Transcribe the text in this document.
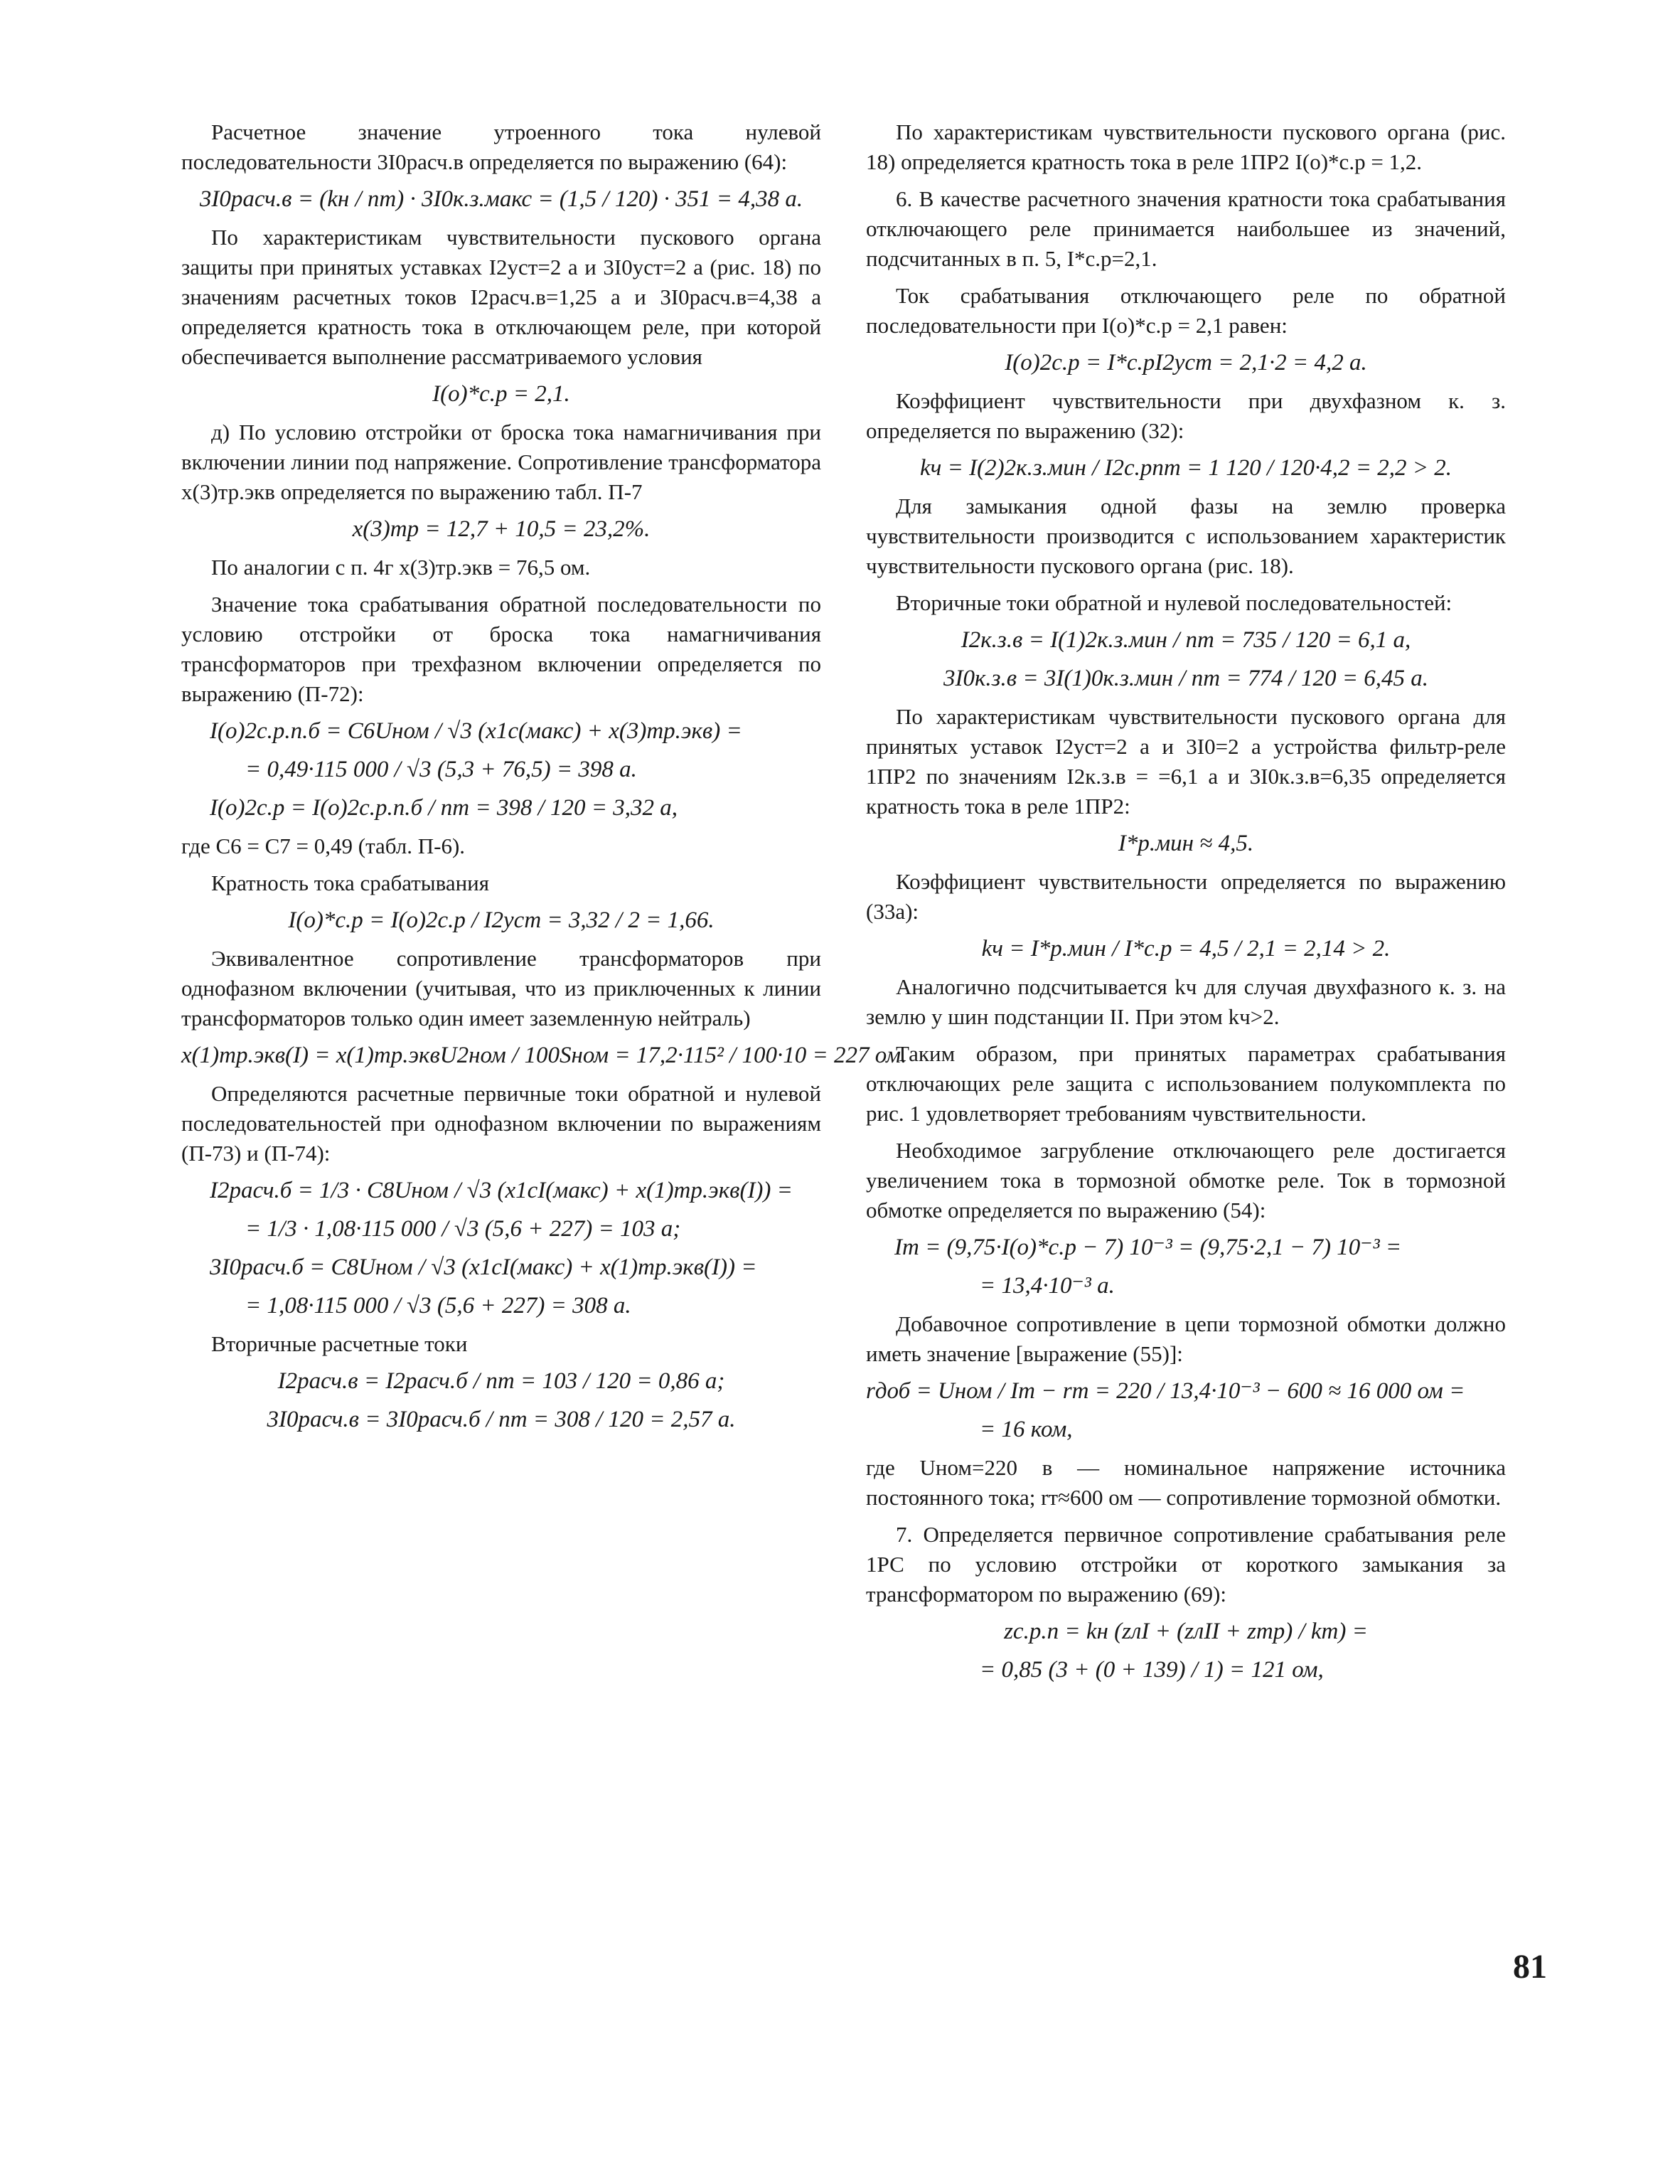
Расчетное значение утроенного тока нулевой последовательности 3I0расч.в определяется по выражению (64):

3I0расч.в = (kн / nт) · 3I0к.з.макс = (1,5 / 120) · 351 = 4,38 a.

По характеристикам чувствительности пускового органа защиты при принятых уставках I2уст=2 a и 3I0уст=2 a (рис. 18) по значениям расчетных токов I2расч.в=1,25 a и 3I0расч.в=4,38 a определяется кратность тока в отключающем реле, при которой обеспечивается выполнение рассматриваемого условия

I(о)*с.р = 2,1.

д) По условию отстройки от броска тока намагничивания при включении линии под напряжение. Сопротивление трансформатора x(3)тр.экв определяется по выражению табл. П-7

x(3)тр = 12,7 + 10,5 = 23,2%.

По аналогии с п. 4г x(3)тр.экв = 76,5 ом.

Значение тока срабатывания обратной последовательности по условию отстройки от броска тока намагничивания трансформаторов при трехфазном включении определяется по выражению (П-72):

I(о)2с.р.п.б = C6Uном / √3 (x1с(макс) + x(3)тр.экв) =
= 0,49·115 000 / √3 (5,3 + 76,5) = 398 a.
I(о)2с.р = I(о)2с.р.п.б / nт = 398 / 120 = 3,32 a,

где C6 = C7 = 0,49 (табл. П-6).

Кратность тока срабатывания

I(о)*с.р = I(о)2с.р / I2уст = 3,32 / 2 = 1,66.

Эквивалентное сопротивление трансформаторов при однофазном включении (учитывая, что из приключенных к линии трансформаторов только один имеет заземленную нейтраль)

x(1)тр.экв(I) = x(1)тр.эквU2ном / 100Sном = 17,2·115² / 100·10 = 227 ом.

Определяются расчетные первичные токи обратной и нулевой последовательностей при однофазном включении по выражениям (П-73) и (П-74):

I2расч.б = 1/3 · C8Uном / √3 (x1сI(макс) + x(1)тр.экв(I)) =
= 1/3 · 1,08·115 000 / √3 (5,6 + 227) = 103 a;
3I0расч.б = C8Uном / √3 (x1сI(макс) + x(1)тр.экв(I)) =
= 1,08·115 000 / √3 (5,6 + 227) = 308 a.

Вторичные расчетные токи

I2расч.в = I2расч.б / nт = 103 / 120 = 0,86 a;
3I0расч.в = 3I0расч.б / nт = 308 / 120 = 2,57 a.

По характеристикам чувствительности пускового органа (рис. 18) определяется кратность тока в реле 1ПР2 I(о)*с.р = 1,2.

6. В качестве расчетного значения кратности тока срабатывания отключающего реле принимается наибольшее из значений, подсчитанных в п. 5, I*с.р=2,1.

Ток срабатывания отключающего реле по обратной последовательности при I(о)*с.р = 2,1 равен:

I(о)2с.р = I*с.рI2уст = 2,1·2 = 4,2 a.

Коэффициент чувствительности при двухфазном к. з. определяется по выражению (32):

kч = I(2)2к.з.мин / I2с.рnт = 1 120 / 120·4,2 = 2,2 > 2.

Для замыкания одной фазы на землю проверка чувствительности производится с использованием характеристик чувствительности пускового органа (рис. 18).

Вторичные токи обратной и нулевой последовательностей:

I2к.з.в = I(1)2к.з.мин / nт = 735 / 120 = 6,1 a,
3I0к.з.в = 3I(1)0к.з.мин / nт = 774 / 120 = 6,45 a.

По характеристикам чувствительности пускового органа для принятых уставок I2уст=2 a и 3I0=2 a устройства фильтр-реле 1ПР2 по значениям I2к.з.в = =6,1 a и 3I0к.з.в=6,35 определяется кратность тока в реле 1ПР2:

I*р.мин ≈ 4,5.

Коэффициент чувствительности определяется по выражению (33а):

kч = I*р.мин / I*с.р = 4,5 / 2,1 = 2,14 > 2.

Аналогично подсчитывается kч для случая двухфазного к. з. на землю у шин подстанции II. При этом kч>2.

Таким образом, при принятых параметрах срабатывания отключающих реле защита с использованием полукомплекта по рис. 1 удовлетворяет требованиям чувствительности.

Необходимое загрубление отключающего реле достигается увеличением тока в тормозной обмотке реле. Ток в тормозной обмотке определяется по выражению (54):

Iт = (9,75·I(о)*с.р − 7) 10⁻³ = (9,75·2,1 − 7) 10⁻³ =
= 13,4·10⁻³ a.

Добавочное сопротивление в цепи тормозной обмотки должно иметь значение [выражение (55)]:

rдоб = Uном / Iт − rт = 220 / 13,4·10⁻³ − 600 ≈ 16 000 ом =
= 16 ком,

где Uном=220 в — номинальное напряжение источника постоянного тока; rт≈600 ом — сопротивление тормозной обмотки.

7. Определяется первичное сопротивление срабатывания реле 1РС по условию отстройки от короткого замыкания за трансформатором по выражению (69):

zс.р.п = kн (zлI + (zлII + zтр) / kт) =
= 0,85 (3 + (0 + 139) / 1) = 121 ом,
81
